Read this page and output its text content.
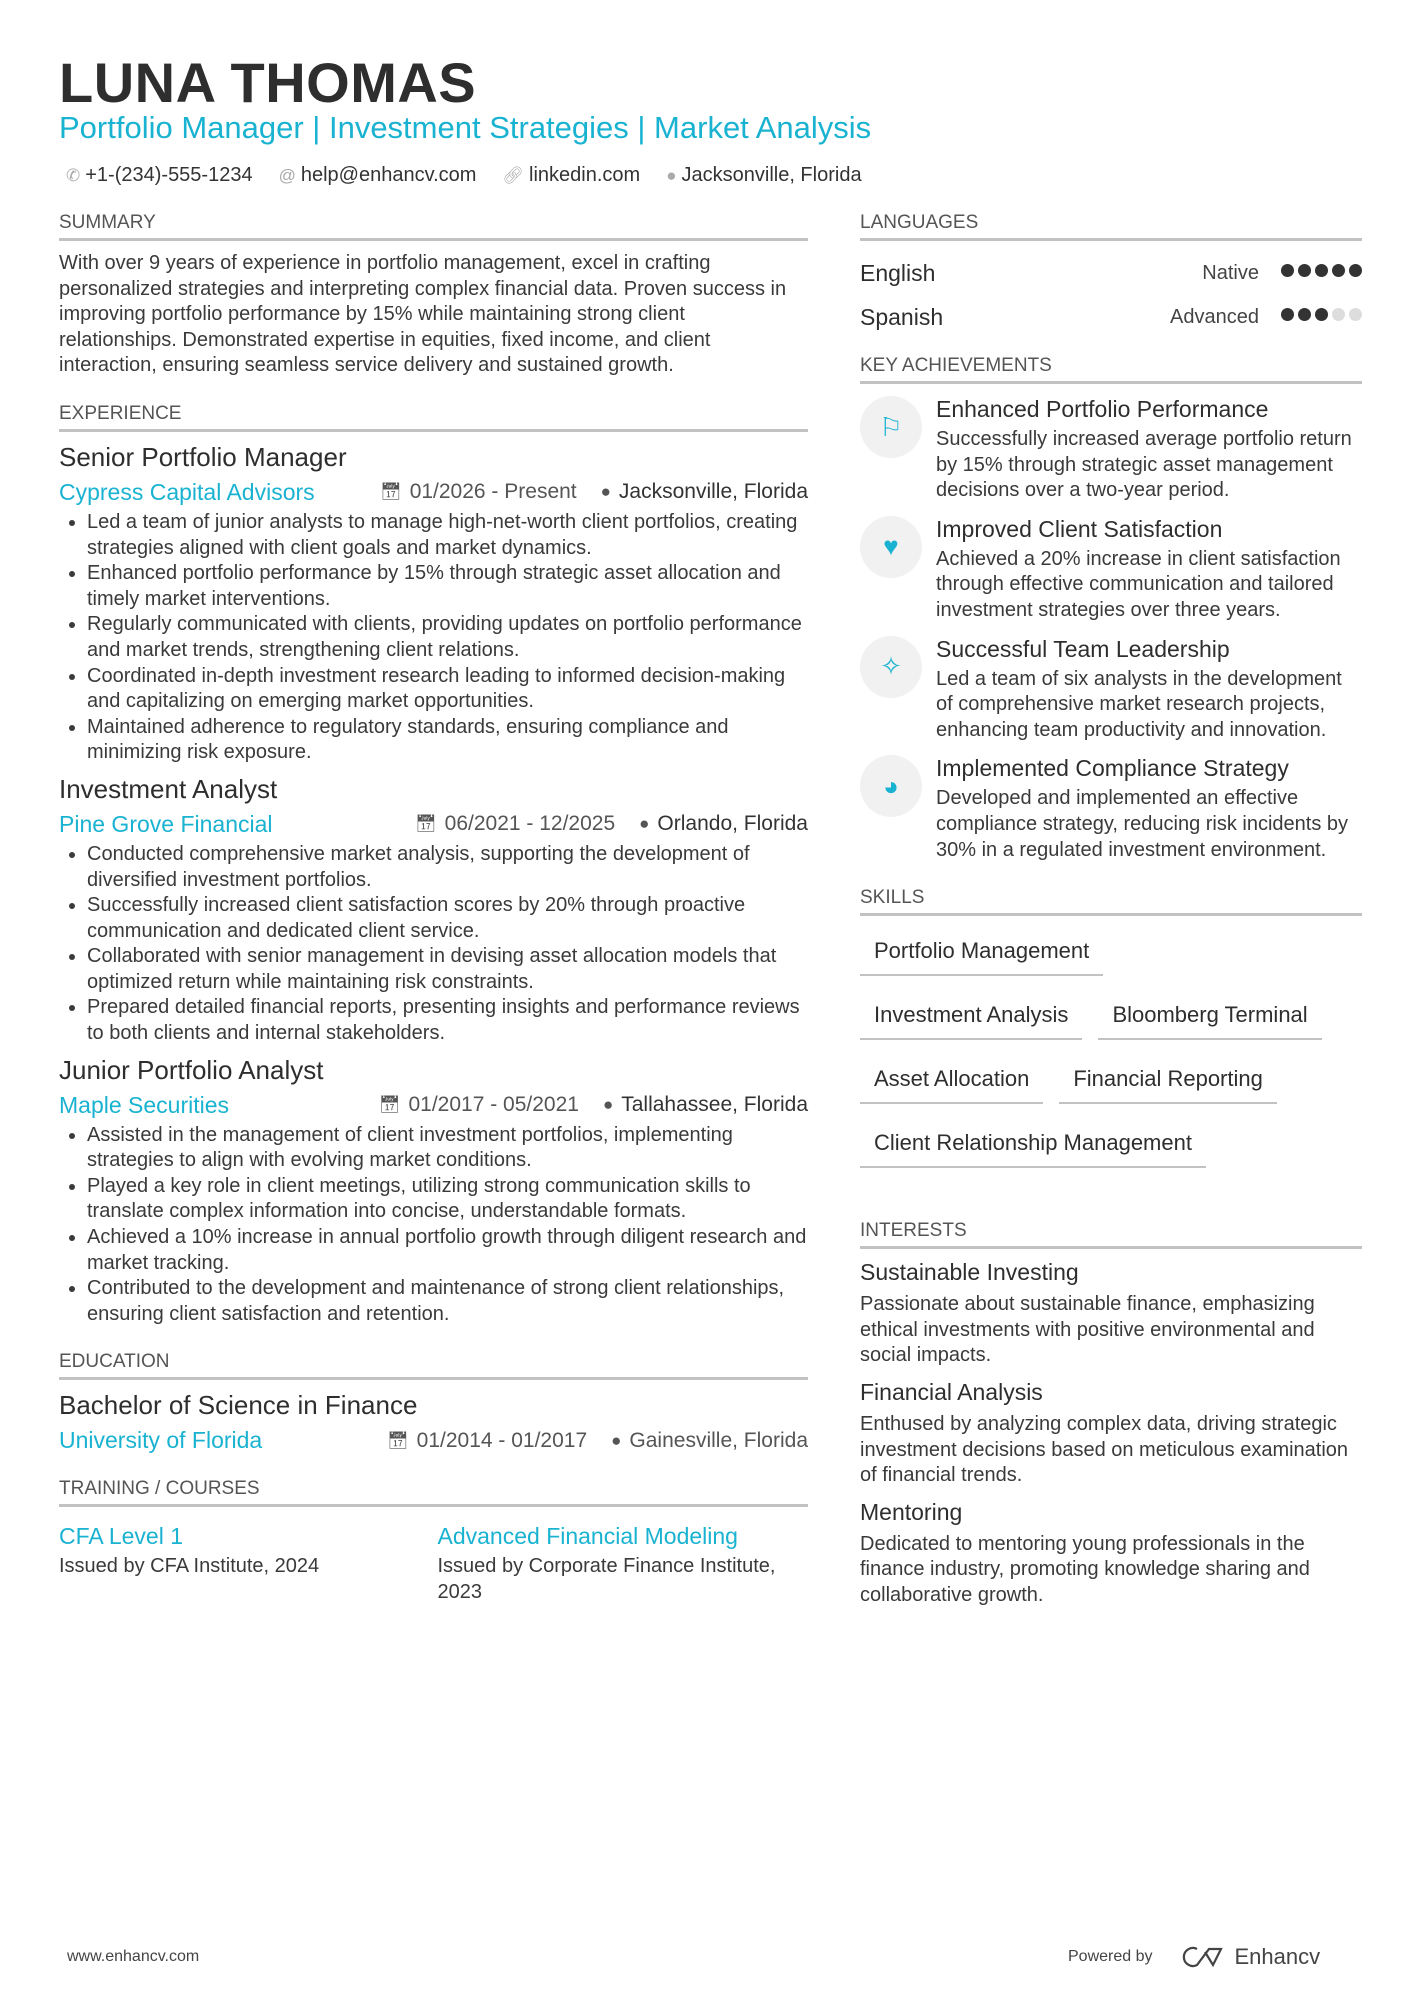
LUNA THOMAS
Portfolio Manager | Investment Strategies | Market Analysis
✆ +1-(234)-555-1234 @ help@enhancv.com 🔗︎ linkedin.com ● Jacksonville, Florida
SUMMARY

With over 9 years of experience in portfolio management, excel in crafting personalized strategies and interpreting complex financial data. Proven success in improving portfolio performance by 15% while maintaining strong client relationships. Demonstrated expertise in equities, fixed income, and client interaction, ensuring seamless service delivery and sustained growth.

EXPERIENCE
Senior Portfolio Manager
Cypress Capital Advisors	📅︎ 01/2026 - Present ● Jacksonville, Florida
• Led a team of junior analysts to manage high-net-worth client portfolios, creating strategies aligned with client goals and market dynamics.
• Enhanced portfolio performance by 15% through strategic asset allocation and timely market interventions.
• Regularly communicated with clients, providing updates on portfolio performance and market trends, strengthening client relations.
• Coordinated in-depth investment research leading to informed decision-making and capitalizing on emerging market opportunities.
• Maintained adherence to regulatory standards, ensuring compliance and minimizing risk exposure.
Investment Analyst
Pine Grove Financial	📅︎ 06/2021 - 12/2025 ● Orlando, Florida
• Conducted comprehensive market analysis, supporting the development of diversified investment portfolios.
• Successfully increased client satisfaction scores by 20% through proactive communication and dedicated client service.
• Collaborated with senior management in devising asset allocation models that optimized return while maintaining risk constraints.
• Prepared detailed financial reports, presenting insights and performance reviews to both clients and internal stakeholders.
Junior Portfolio Analyst
Maple Securities	📅︎ 01/2017 - 05/2021 ● Tallahassee, Florida
• Assisted in the management of client investment portfolios, implementing strategies to align with evolving market conditions.
• Played a key role in client meetings, utilizing strong communication skills to translate complex information into concise, understandable formats.
• Achieved a 10% increase in annual portfolio growth through diligent research and market tracking.
• Contributed to the development and maintenance of strong client relationships, ensuring client satisfaction and retention.
EDUCATION
Bachelor of Science in Finance
University of Florida	📅︎ 01/2014 - 01/2017 ● Gainesville, Florida
TRAINING / COURSES
CFA Level 1

Issued by CFA Institute, 2024

Advanced Financial Modeling

Issued by Corporate Finance Institute, 2023

LANGUAGES
English	Native
Spanish	Advanced
KEY ACHIEVEMENTS
⚐
Enhanced Portfolio Performance

Successfully increased average portfolio return by 15% through strategic asset management decisions over a two-year period.

♥
Improved Client Satisfaction

Achieved a 20% increase in client satisfaction through effective communication and tailored investment strategies over three years.

✧
Successful Team Leadership

Led a team of six analysts in the development of comprehensive market research projects, enhancing team productivity and innovation.

◕
Implemented Compliance Strategy

Developed and implemented an effective compliance strategy, reducing risk incidents by 30% in a regulated investment environment.

SKILLS
Portfolio Management
Investment Analysis	Bloomberg Terminal
Asset Allocation	Financial Reporting
Client Relationship Management
INTERESTS
Sustainable Investing

Passionate about sustainable finance, emphasizing ethical investments with positive environmental and social impacts.

Financial Analysis

Enthused by analyzing complex data, driving strategic investment decisions based on meticulous examination of financial trends.

Mentoring

Dedicated to mentoring young professionals in the finance industry, promoting knowledge sharing and collaborative growth.

www.enhancv.com	Powered by	Enhancv
